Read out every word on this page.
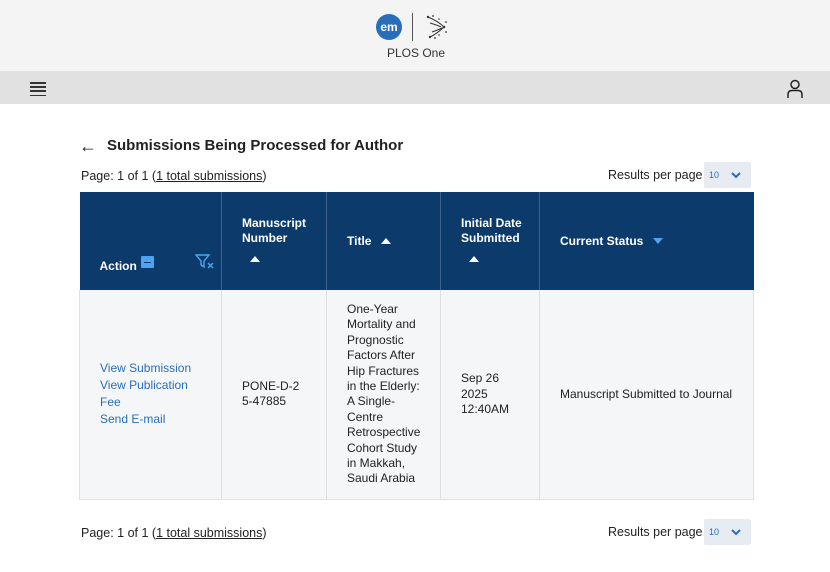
em
PLOS One
← Submissions Being Processed for Author
Page: 1 of 1 (1 total submissions)	Results per page 10
Action	Manuscript Number	Title	Initial Date Submitted	Current Status

View Submission
View Publication Fee
Send E-mail	PONE-D-25-47885	One-Year Mortality and Prognostic Factors After Hip Fractures in the Elderly: A Single-Centre Retrospective Cohort Study in Makkah, Saudi Arabia	Sep 26 2025 12:40AM	Manuscript Submitted to Journal
Page: 1 of 1 (1 total submissions)	Results per page 10
